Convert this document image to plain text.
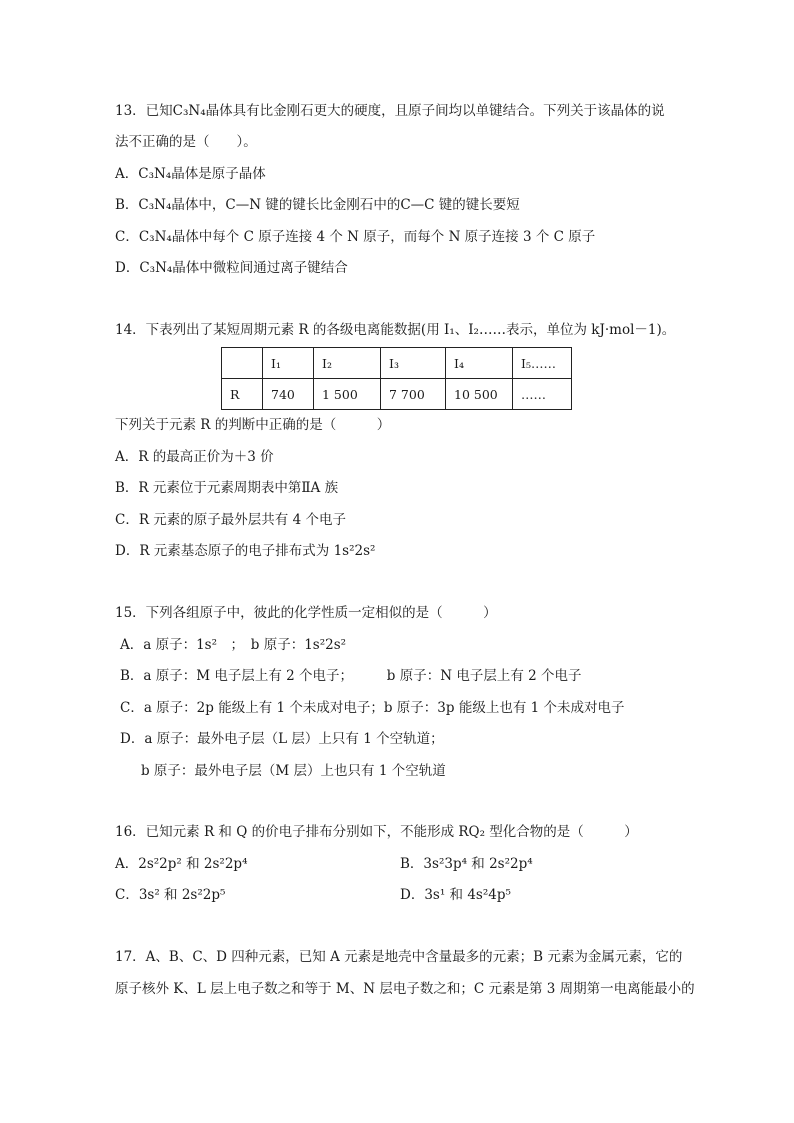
13．已知C₃N₄晶体具有比金刚石更大的硬度，且原子间均以单键结合。下列关于该晶体的说
法不正确的是（　　）。
A．C₃N₄晶体是原子晶体
B．C₃N₄晶体中，C—N 键的键长比金刚石中的C—C 键的键长要短
C．C₃N₄晶体中每个 C 原子连接 4 个 N 原子，而每个 N 原子连接 3 个 C 原子
D．C₃N₄晶体中微粒间通过离子键结合
14．下表列出了某短周期元素 R 的各级电离能数据(用 I₁、I₂……表示，单位为 kJ·mol－1)。
	I₁	I₂	I₃	I₄	I₅……
R	740	1 500	7 700	10 500	……
下列关于元素 R 的判断中正确的是（　　　）
A．R 的最高正价为＋3 价
B．R 元素位于元素周期表中第ⅡA 族
C．R 元素的原子最外层共有 4 个电子
D．R 元素基态原子的电子排布式为 1s²2s²
15．下列各组原子中，彼此的化学性质一定相似的是（　　　）
A．a 原子：1s²　；　b 原子：1s²2s²
B．a 原子：M 电子层上有 2 个电子；　　　b 原子：N 电子层上有 2 个电子
C．a 原子：2p 能级上有 1 个未成对电子；b 原子：3p 能级上也有 1 个未成对电子
D．a 原子：最外电子层（L 层）上只有 1 个空轨道；
b 原子：最外电子层（M 层）上也只有 1 个空轨道
16．已知元素 R 和 Q 的价电子排布分别如下，不能形成 RQ₂ 型化合物的是（　　　）
A．2s²2p² 和 2s²2p⁴	B．3s²3p⁴ 和 2s²2p⁴
C．3s² 和 2s²2p⁵	D．3s¹ 和 4s²4p⁵
17．A、B、C、D 四种元素，已知 A 元素是地壳中含量最多的元素；B 元素为金属元素，它的
原子核外 K、L 层上电子数之和等于 M、N 层电子数之和；C 元素是第 3 周期第一电离能最小的
